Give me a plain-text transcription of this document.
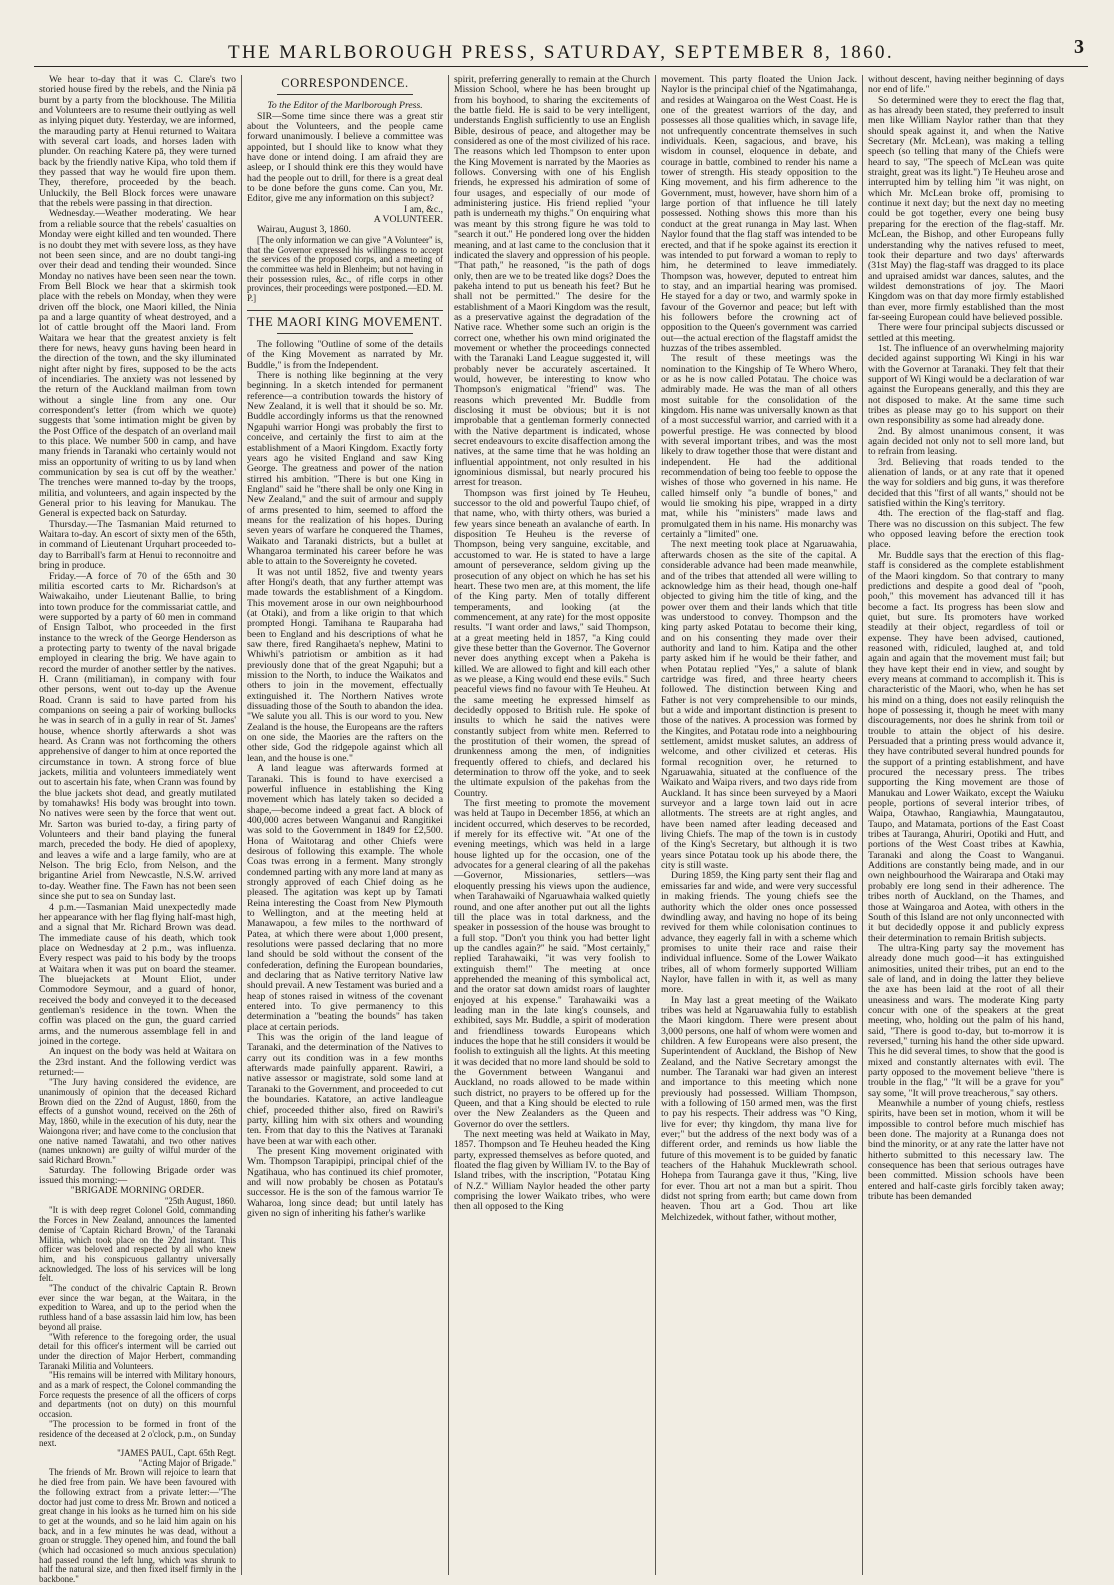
THE MARLBOROUGH PRESS, SATURDAY, SEPTEMBER 8, 1860.	3

We hear to-day that it was C. Clare's two storied house fired by the rebels, and the Ninia pā burnt by a party from the blockhouse. The Militia and Volunteers are to resume their outlying as well as inlying piquet duty. Yesterday, we are informed, the marauding party at Henui returned to Waitara with several cart loads, and horses laden with plunder. On reaching Katere pā, they were turned back by the friendly native Kipa, who told them if they passed that way he would fire upon them. They, therefore, proceeded by the beach. Unluckily, the Bell Block forces were unaware that the rebels were passing in that direction.

Wednesday.—Weather moderating. We hear from a reliable source that the rebels' casualties on Monday were eight killed and ten wounded. There is no doubt they met with severe loss, as they have not been seen since, and are no doubt tangi-ing over their dead and tending their wounded. Since Monday no natives have been seen near the town. From Bell Block we hear that a skirmish took place with the rebels on Monday, when they were driven off the block, one Maori killed, the Ninia pa and a large quantity of wheat destroyed, and a lot of cattle brought off the Maori land. From Waitara we hear that the greatest anxiety is felt there for news, heavy guns having been heard in the direction of the town, and the sky illuminated night after night by fires, supposed to be the acts of incendiaries. The anxiety was not lessened by the return of the Auckland mailman from town without a single line from any one. Our correspondent's letter (from which we quote) suggests that 'some intimation might be given by the Post Office of the despatch of an overland mail to this place. We number 500 in camp, and have many friends in Taranaki who certainly would not miss an opportunity of writing to us by land when communication by sea is cut off by the weather.' The trenches were manned to-day by the troops, militia, and volunteers, and again inspected by the General prior to his leaving for Manukau. The General is expected back on Saturday.

Thursday.—The Tasmanian Maid returned to Waitara to-day. An escort of sixty men of the 65th, in command of Lieutenant Urquhart proceeded to-day to Barriball's farm at Henui to reconnoitre and bring in produce.

Friday.—A force of 70 of the 65th and 30 militia escorted carts to Mr. Richardson's at Waiwakaiho, under Lieutenant Ballie, to bring into town produce for the commissariat cattle, and were supported by a party of 60 men in command of Ensign Talbot, who proceeded in the first instance to the wreck of the George Henderson as a protecting party to twenty of the naval brigade employed in clearing the brig. We have again to record the murder of another settler by the natives. H. Crann (militiaman), in company with four other persons, went out to-day up the Avenue Road. Crann is said to have parted from his companions on seeing a pair of working bullocks he was in search of in a gully in rear of St. James' house, whence shortly afterwards a shot was heard. As Crann was not forthcoming the others apprehensive of danger to him at once reported the circumstance in town. A strong force of blue jackets, militia and volunteers immediately went out to ascertain his fate, when Crann was found by the blue jackets shot dead, and greatly mutilated by tomahawks! His body was brought into town. No natives were seen by the force that went out. Mr. Sarton was buried to-day, a firing party of Volunteers and their band playing the funeral march, preceded the body. He died of apoplexy, and leaves a wife and a large family, who are at Nelson. The brig Eclo, from Nelson, and the brigantine Ariel from Newcastle, N.S.W. arrived to-day. Weather fine. The Fawn has not been seen since she put to sea on Sunday last.

4 p.m.—Tasmanian Maid unexpectedly made her appearance with her flag flying half-mast high, and a signal that Mr. Richard Brown was dead. The immediate cause of his death, which took place on Wednesday at 2 p.m., was influenza. Every respect was paid to his body by the troops at Waitara when it was put on board the steamer. The bluejackets at Mount Eliot, under Commodore Seymour, and a guard of honor, received the body and conveyed it to the deceased gentleman's residence in the town. When the coffin was placed on the gun, the guard carried arms, and the numerous assemblage fell in and joined in the cortege.

An inquest on the body was held at Waitara on the 23rd instant. And the following verdict was returned:—

"The Jury having considered the evidence, are unanimously of opinion that the deceased Richard Brown died on the 22nd of August, 1860, from the effects of a gunshot wound, received on the 26th of May, 1860, while in the execution of his duty, near the Waiongona river; and have come to the conclusion that one native named Tawatahi, and two other natives (names unknown) are guilty of wilful murder of the said Richard Brown."

Saturday. The following Brigade order was issued this morning:—

"BRIGADE MORNING ORDER.

"25th August, 1860.

"It is with deep regret Colonel Gold, commanding the Forces in New Zealand, announces the lamented demise of 'Captain Richard Brown,' of the Taranaki Militia, which took place on the 22nd instant. This officer was beloved and respected by all who knew him, and his conspicuous gallantry universally acknowledged. The loss of his services will be long felt.

"The conduct of the chivalric Captain R. Brown ever since the war began, at the Waitara, in the expedition to Warea, and up to the period when the ruthless hand of a base assassin laid him low, has been beyond all praise.

"With reference to the foregoing order, the usual detail for this officer's interment will be carried out under the direction of Major Herbert, commanding Taranaki Militia and Volunteers.

"His remains will be interred with Military honours, and as a mark of respect, the Colonel commanding the Force requests the presence of all the officers of corps and departments (not on duty) on this mournful occasion.

"The procession to be formed in front of the residence of the deceased at 2 o'clock, p.m., on Sunday next.

"JAMES PAUL, Capt. 65th Regt.

"Acting Major of Brigade."

The friends of Mr. Brown will rejoice to learn that he died free from pain. We have been favoured with the following extract from a private letter:—"The doctor had just come to dress Mr. Brown and noticed a great change in his looks as he turned him on his side to get at the wounds, and so he laid him again on his back, and in a few minutes he was dead, without a groan or struggle. They opened him, and found the ball (which had occasioned so much anxious speculation) had passed round the left lung, which was shrunk to half the natural size, and then fixed itself firmly in the backbone."

CORRESPONDENCE.

To the Editor of the Marlborough Press.

SIR—Some time since there was a great stir about the Volunteers, and the people came forward unanimously. I believe a committee was appointed, but I should like to know what they have done or intend doing. I am afraid they are asleep, or I should think ere this they would have had the people out to drill, for there is a great deal to be done before the guns come. Can you, Mr. Editor, give me any information on this subject?

I am, &c.,

A VOLUNTEER.

Wairau, August 3, 1860.

[The only information we can give "A Volunteer" is, that the Governor expressed his willingness to accept the services of the proposed corps, and a meeting of the committee was held in Blenheim; but not having in their possession rules, &c., of rifle corps in other provinces, their proceedings were postponed.—ED. M. P.]

THE MAORI KING MOVEMENT.

The following "Outline of some of the details of the King Movement as narrated by Mr. Buddle," is from the Independent.

There is nothing like beginning at the very beginning. In a sketch intended for permanent reference—a contribution towards the history of New Zealand, it is well that it should be so. Mr. Buddle accordingly informs us that the renowned Ngapuhi warrior Hongi was probably the first to conceive, and certainly the first to aim at the establishment of a Maori Kingdom. Exactly forty years ago he visited England and saw King George. The greatness and power of the nation stirred his ambition. "There is but one King in England" said he "there shall be only one King in New Zealand," and the suit of armour and supply of arms presented to him, seemed to afford the means for the realization of his hopes. During seven years of warfare he conquered the Thames, Waikato and Taranaki districts, but a bullet at Whangaroa terminated his career before he was able to attain to the Sovereignty he coveted.

It was not until 1852, five and twenty years after Hongi's death, that any further attempt was made towards the establishment of a Kingdom. This movement arose in our own neighbourhood (at Otaki), and from a like origin to that which prompted Hongi. Tamihana te Rauparaha had been to England and his descriptions of what he saw there, fired Rangihaeta's nephew, Matini to Whiwhi's patriotism or ambition as it had previously done that of the great Ngapuhi; but a mission to the North, to induce the Waikatos and others to join in the movement, effectually extinguished it. The Northern Natives wrote dissuading those of the South to abandon the idea. "We salute you all. This is our word to you. New Zealand is the house, the Europeans are the rafters on one side, the Maories are the rafters on the other side, God the ridgepole against which all lean, and the house is one."

A land league was afterwards formed at Taranaki. This is found to have exercised a powerful influence in establishing the King movement which has lately taken so decided a shape,—become indeed a great fact. A block of 400,000 acres between Wanganui and Rangitikei was sold to the Government in 1849 for £2,500. Hona of Waitotarag and other Chiefs were desirous of following this example. The whole Coas twas errong in a ferment. Many strongly condemned parting with any more land at many as strongly approved of each Chief doing as he pleased. The agitation was kept up by Tamati Reina interesting the Coast from New Plymouth to Wellington, and at the meeting held at Manawapou, a few miles to the northward of Patea, at which there were about 1,000 present, resolutions were passed declaring that no more land should be sold without the consent of the confederation, defining the European boundaries, and declaring that as Native territory Native law should prevail. A new Testament was buried and a heap of stones raised in witness of the covenant entered into. To give permanency to this determination a "beating the bounds" has taken place at certain periods.

This was the origin of the land league of Taranaki, and the determination of the Natives to carry out its condition was in a few months afterwards made painfully apparent. Rawiri, a native assessor or magistrate, sold some land at Taranaki to the Government, and proceeded to cut the boundaries. Katatore, an active landleague chief, proceeded thither also, fired on Rawiri's party, killing him with six others and wounding ten. From that day to this the Natives at Taranaki have been at war with each other.

The present King movement originated with Wm. Thompson Tarapipipi, principal chief of the Ngatihaua, who has continued its chief promoter, and will now probably be chosen as Potatau's successor. He is the son of the famous warrior Te Waharoa, long since dead; but until lately has given no sign of inheriting his father's warlike

spirit, preferring generally to remain at the Church Mission School, where he has been brought up from his boyhood, to sharing the excitements of the battle field. He is said to be very intelligent, understands English sufficiently to use an English Bible, desirous of peace, and altogether may be considered as one of the most civilized of his race. The reasons which led Thompson to enter upon the King Movement is narrated by the Maories as follows. Conversing with one of his English friends, he expressed his admiration of some of four usages, and especially of our mode of administering justice. His friend replied "your path is underneath my thighs." On enquiring what was meant by this strong figure he was told to "search it out." He pondered long over the hidden meaning, and at last came to the conclusion that it indicated the slavery and oppression of his people. "That path," he reasoned, "is the path of dogs only, then are we to be treated like dogs? Does the pakeha intend to put us beneath his feet? But he shall not be permitted." The desire for the establishment of a Maori Kingdom was the result, as a preservative against the degradation of the Native race. Whether some such an origin is the correct one, whether his own mind originated the movement or whether the proceedings connected with the Taranaki Land League suggested it, will probably never be accurately ascertained. It would, however, be interesting to know who Thompson's enigmatical "friend" was. The reasons which prevented Mr. Buddle from disclosing it must be obvious; but it is not improbable that a gentleman formerly connected with the Native department is indicated, whose secret endeavours to excite disaffection among the natives, at the same time that he was holding an influential appointment, not only resulted in his ignominious dismissal, but nearly procured his arrest for treason.

Thompson was first joined by Te Heuheu, successor to the old and powerful Taupo chief, of that name, who, with thirty others, was buried a few years since beneath an avalanche of earth. In disposition Te Heuheu is the reverse of Thompson, being very sanguine, excitable, and accustomed to war. He is stated to have a large amount of perseverance, seldom giving up the prosecution of any object on which he has set his heart. These two men are, at this moment, the life of the King party. Men of totally different temperaments, and looking (at the commencement, at any rate) for the most opposite results. "I want order and laws," said Thompson, at a great meeting held in 1857, "a King could give these better than the Governor. The Governor never does anything except when a Pakeha is killed. We are allowed to fight and kill each other as we please, a King would end these evils." Such peaceful views find no favour with Te Heuheu. At the same meeting he expressed himself as decidedly opposed to British rule. He spoke of insults to which he said the natives were constantly subject from white men. Referred to the prostitution of their women, the spread of drunkenness among the men, of indignities frequently offered to chiefs, and declared his determination to throw off the yoke, and to seek the ultimate expulsion of the pakehas from the Country.

The first meeting to promote the movement was held at Taupo in December 1856, at which an incident occurred, which deserves to be recorded, if merely for its effective wit. "At one of the evening meetings, which was held in a large house lighted up for the occasion, one of the advocates for a general clearing of all the pakehas—Governor, Missionaries, settlers—was eloquently pressing his views upon the audience, when Tarahawaiki of Ngaruawhaia walked quietly round, and one after another put out all the lights till the place was in total darkness, and the speaker in possession of the house was brought to a full stop. "Don't you think you had better light up the candles again?" he said. "Most certainly," replied Tarahawaiki, "it was very foolish to extinguish them!" The meeting at once apprehended the meaning of this symbolical act, and the orator sat down amidst roars of laughter enjoyed at his expense." Tarahawaiki was a leading man in the late king's counsels, and exhibited, says Mr. Buddle, a spirit of moderation and friendliness towards Europeans which induces the hope that he still considers it would be foolish to extinguish all the lights. At this meeting it was decided that no more land should be sold to the Government between Wanganui and Auckland, no roads allowed to be made within such district, no prayers to be offered up for the Queen, and that a King should be elected to rule over the New Zealanders as the Queen and Governor do over the settlers.

The next meeting was held at Waikato in May, 1857. Thompson and Te Heuheu headed the King party, expressed themselves as before quoted, and floated the flag given by William IV. to the Bay of Island tribes, with the inscription, "Potatau King of N.Z." William Naylor headed the other party comprising the lower Waikato tribes, who were then all opposed to the King

movement. This party floated the Union Jack. Naylor is the principal chief of the Ngatimahanga, and resides at Waingaroa on the West Coast. He is one of the greatest warriors of the day, and possesses all those qualities which, in savage life, not unfrequently concentrate themselves in such individuals. Keen, sagacious, and brave, his wisdom in counsel, eloquence in debate, and courage in battle, combined to render his name a tower of strength. His steady opposition to the King movement, and his firm adherence to the Government, must, however, have shorn him of a large portion of that influence he till lately possessed. Nothing shows this more than his conduct at the great runanga in May last. When Naylor found that the flag staff was intended to be erected, and that if he spoke against its erection it was intended to put forward a woman to reply to him, he determined to leave immediately. Thompson was, however, deputed to entreat him to stay, and an impartial hearing was promised. He stayed for a day or two, and warmly spoke in favour of the Governor and peace; but left with his followers before the crowning act of opposition to the Queen's government was carried out—the actual erection of the flagstaff amidst the huzzas of the tribes assembled.

The result of these meetings was the nomination to the Kingship of Te Whero Whero, or as he is now called Potatau. The choice was admirably made. He was the man of all others most suitable for the consolidation of the kingdom. His name was universally known as that of a most successful warrior, and carried with it a powerful prestige. He was connected by blood with several important tribes, and was the most likely to draw together those that were distant and independent. He had the additional recommendation of being too feeble to oppose the wishes of those who governed in his name. He called himself only "a bundle of bones," and would lie smoking his pipe, wrapped in a dirty mat, while his "ministers" made laws and promulgated them in his name. His monarchy was certainly a "limited" one.

The next meeting took place at Ngaruawahia, afterwards chosen as the site of the capital. A considerable advance had been made meanwhile, and of the tribes that attended all were willing to acknowledge him as their head, though one-half objected to giving him the title of king, and the power over them and their lands which that title was understood to convey. Thompson and the king party asked Potatau to become their king, and on his consenting they made over their authority and land to him. Katipa and the other party asked him if he would be their father, and when Potatau replied "Yes," a salute of blank cartridge was fired, and three hearty cheers followed. The distinction between King and Father is not very comprehensible to our minds, but a wide and important distinction is present to those of the natives. A procession was formed by the Kingites, and Potatau rode into a neighbouring settlement, amidst musket salutes, an address of welcome, and other civilized et ceteras. His formal recognition over, he returned to Ngaruawahia, situated at the confluence of the Waikato and Waipa rivers, and two days ride from Auckland. It has since been surveyed by a Maori surveyor and a large town laid out in acre allotments. The streets are at right angles, and have been named after leading deceased and living Chiefs. The map of the town is in custody of the King's Secretary, but although it is two years since Potatau took up his abode there, the city is still waste.

During 1859, the King party sent their flag and emissaries far and wide, and were very successful in making friends. The young chiefs see the authority which the older ones once possessed dwindling away, and having no hope of its being revived for them while colonisation continues to advance, they eagerly fall in with a scheme which promises to unite their race and raise their individual influence. Some of the Lower Waikato tribes, all of whom formerly supported William Naylor, have fallen in with it, as well as many more.

In May last a great meeting of the Waikato tribes was held at Ngaruawahia fully to establish the Maori kingdom. There were present about 3,000 persons, one half of whom were women and children. A few Europeans were also present, the Superintendent of Auckland, the Bishop of New Zealand, and the Native Secretary amongst the number. The Taranaki war had given an interest and importance to this meeting which none previously had possessed. William Thompson, with a following of 150 armed men, was the first to pay his respects. Their address was "O King, live for ever; thy kingdom, thy mana live for ever;" but the address of the next body was of a different order, and reminds us how liable the future of this movement is to be guided by fanatic teachers of the Hahahuk Mucklewrath school. Hohepa from Tauranga gave it thus, "King, live for ever. Thou art not a man but a spirit. Thou didst not spring from earth; but came down from heaven. Thou art a God. Thou art like Melchizedek, without father, without mother,

without descent, having neither beginning of days nor end of life."

So determined were they to erect the flag that, as has already been stated, they preferred to insult men like William Naylor rather than that they should speak against it, and when the Native Secretary (Mr. McLean), was making a telling speech (so telling that many of the Chiefs were heard to say, "The speech of McLean was quite straight, great was its light.") Te Heuheu arose and interrupted him by telling him "it was night, on which Mr. McLean broke off, promising to continue it next day; but the next day no meeting could be got together, every one being busy preparing for the erection of the flag-staff. Mr. McLean, the Bishop, and other Europeans fully understanding why the natives refused to meet, took their departure and two days' afterwards (31st May) the flag-staff was dragged to its place and upraised amidst war dances, salutes, and the wildest demonstrations of joy. The Maori Kingdom was on that day more firmly established than ever, more firmly established than the most far-seeing European could have believed possible.

There were four principal subjects discussed or settled at this meeting.

1st. The influence of an overwhelming majority decided against supporting Wi Kingi in his war with the Governor at Taranaki. They felt that their support of Wi Kingi would be a declaration of war against the Europeans generally, and this they are not disposed to make. At the same time such tribes as please may go to his support on their own responsibility as some had already done.

2nd. By almost unanimous consent, it was again decided not only not to sell more land, but to refrain from leasing.

3rd. Believing that roads tended to the alienation of lands, or at any rate that it opened the way for soldiers and big guns, it was therefore decided that this "first of all wants," should not be satisfied within the King's territory.

4th. The erection of the flag-staff and flag. There was no discussion on this subject. The few who opposed leaving before the erection took place.

Mr. Buddle says that the erection of this flag-staff is considered as the complete establishment of the Maori kingdom. So that contrary to many predictions and despite a good deal of "pooh, pooh," this movement has advanced till it has become a fact. Its progress has been slow and quiet, but sure. Its promoters have worked steadily at their object, regardless of toil or expense. They have been advised, cautioned, reasoned with, ridiculed, laughed at, and told again and again that the movement must fail; but they have kept their end in view, and sought by every means at command to accomplish it. This is characteristic of the Maori, who, when he has set his mind on a thing, does not easily relinquish the hope of possessing it, though he meet with many discouragements, nor does he shrink from toil or trouble to attain the object of his desire. Persuaded that a printing press would advance it, they have contributed several hundred pounds for the support of a printing establishment, and have procured the necessary press. The tribes supporting the King movement are those of Manukau and Lower Waikato, except the Waiuku people, portions of several interior tribes, of Waipa, Otawhao, Rangiawhia, Maungatautou, Taupo, and Matamata, portions of the East Coast tribes at Tauranga, Ahuriri, Opotiki and Hutt, and portions of the West Coast tribes at Kawhia, Taranaki and along the Coast to Wanganui. Additions are constantly being made, and in our own neighbourhood the Wairarapa and Otaki may probably ere long send in their adherence. The tribes north of Auckland, on the Thames, and those at Waingaroa and Aotea, with others in the South of this Island are not only unconnected with it but decidedly oppose it and publicly express their determination to remain British subjects.

The ultra-King party say the movement has already done much good—it has extinguished animosities, united their tribes, put an end to the sale of land, and in doing the latter they believe the axe has been laid at the root of all their uneasiness and wars. The moderate King party concur with one of the speakers at the great meeting, who, holding out the palm of his hand, said, "There is good to-day, but to-morrow it is reversed," turning his hand the other side upward. This he did several times, to show that the good is mixed and constantly alternates with evil. The party opposed to the movement believe "there is trouble in the flag," "It will be a grave for you" say some, "It will prove treacherous," say others.

Meanwhile a number of young chiefs, restless spirits, have been set in motion, whom it will be impossible to control before much mischief has been done. The majority at a Runanga does not bind the minority, or at any rate the latter have not hitherto submitted to this necessary law. The consequence has been that serious outrages have been committed. Mission schools have been entered and half-caste girls forcibly taken away; tribute has been demanded
